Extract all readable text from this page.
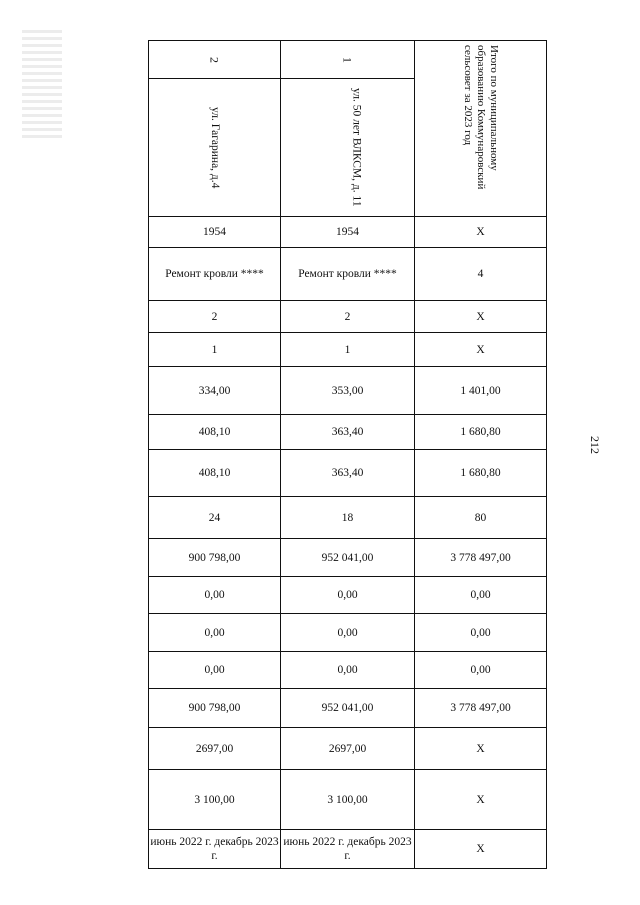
2	1	Итого по муниципальному образованию Коммунаровский сельсовет за 2023 год

ул. Гагарина, д.4	ул. 50 лет ВЛКСМ, д. 11	

1954	1954	Х
Ремонт кровли ****	Ремонт кровли ****	4
2	2	Х
1	1	Х
334,00	353,00	1 401,00
408,10	363,40	1 680,80
408,10	363,40	1 680,80
24	18	80
900 798,00	952 041,00	3 778 497,00
0,00	0,00	0,00
0,00	0,00	0,00
0,00	0,00	0,00
900 798,00	952 041,00	3 778 497,00
2697,00	2697,00	Х
3 100,00	3 100,00	Х
июнь 2022 г. декабрь 2023 г.	июнь 2022 г. декабрь 2023 г.	Х
212
